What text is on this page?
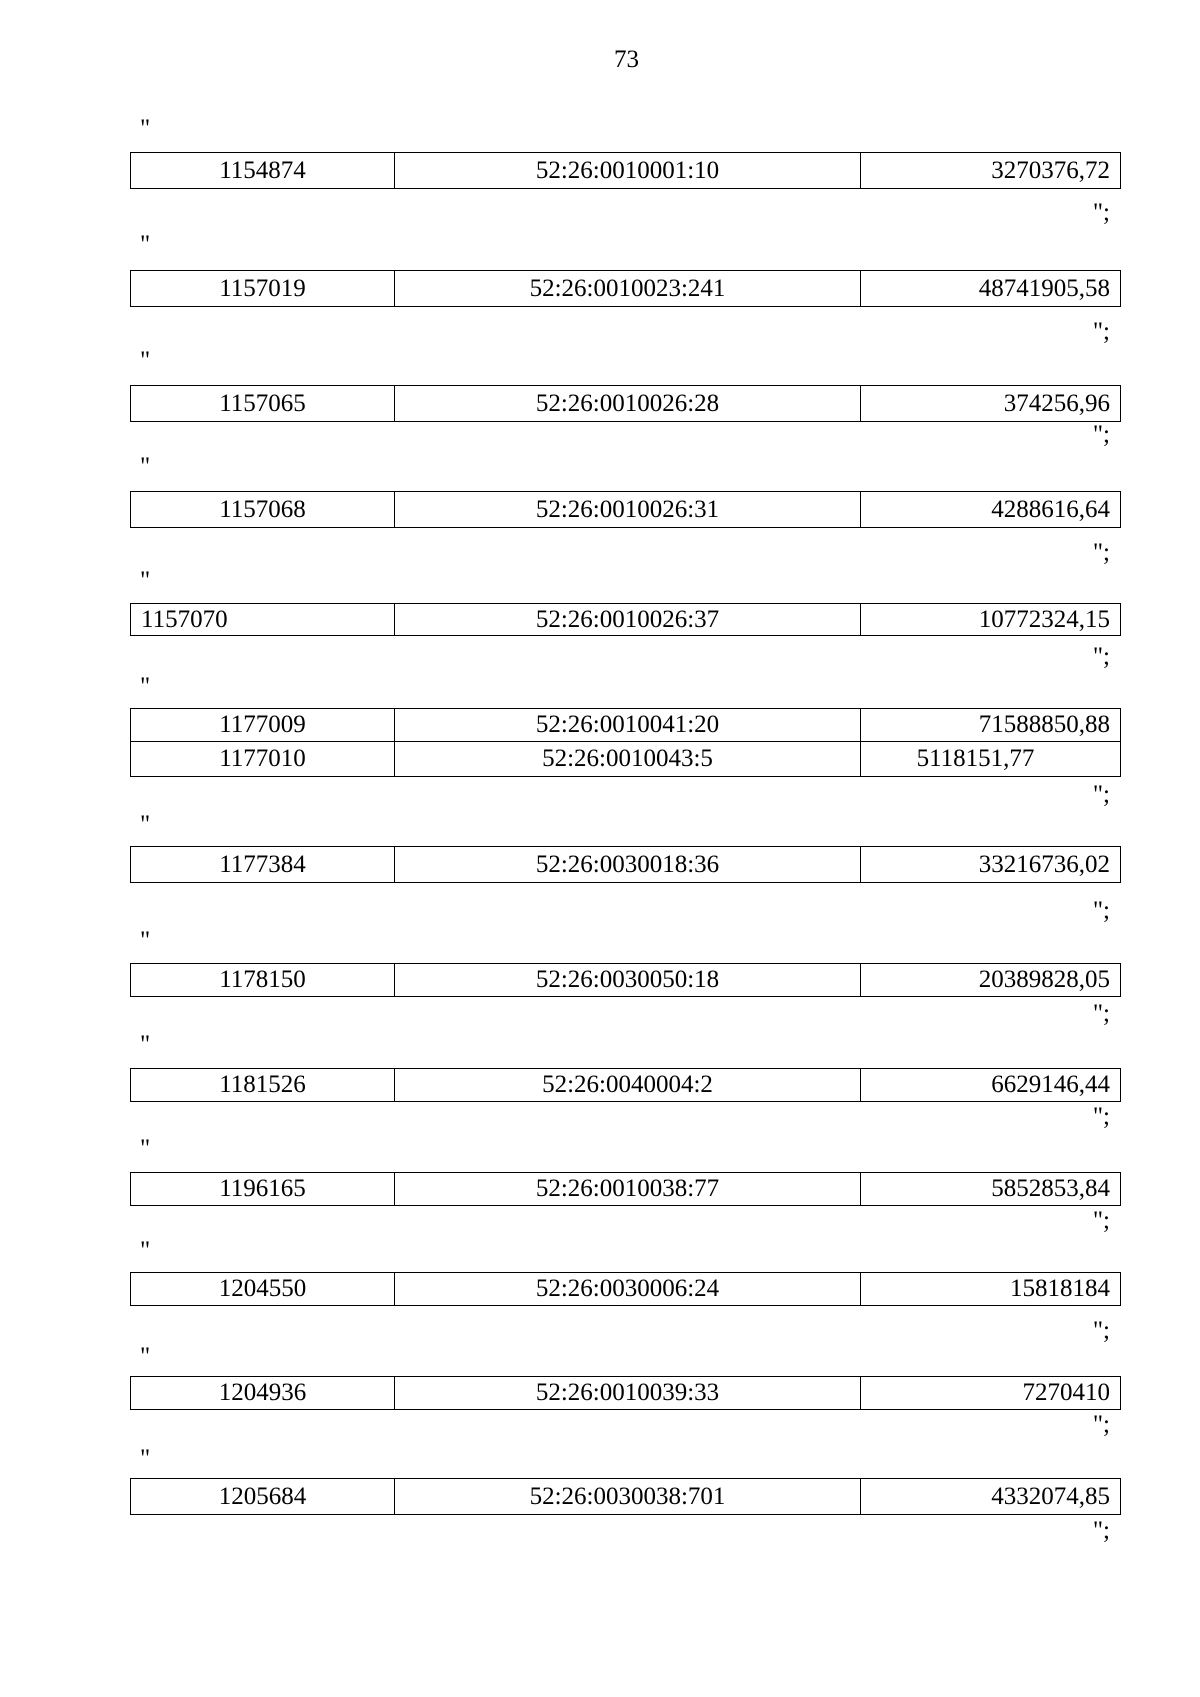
73
"
1154874	52:26:0010001:10	3270376,72
";
"
1157019	52:26:0010023:241	48741905,58
";
"
1157065	52:26:0010026:28	374256,96
";
"
1157068	52:26:0010026:31	4288616,64
";
"
1157070	52:26:0010026:37	10772324,15
";
"
1177009	52:26:0010041:20	71588850,88
1177010	52:26:0010043:5	5118151,77
";
"
1177384	52:26:0030018:36	33216736,02
";
"
1178150	52:26:0030050:18	20389828,05
";
"
1181526	52:26:0040004:2	6629146,44
";
"
1196165	52:26:0010038:77	5852853,84
";
"
1204550	52:26:0030006:24	15818184
";
"
1204936	52:26:0010039:33	7270410
";
"
1205684	52:26:0030038:701	4332074,85
";
